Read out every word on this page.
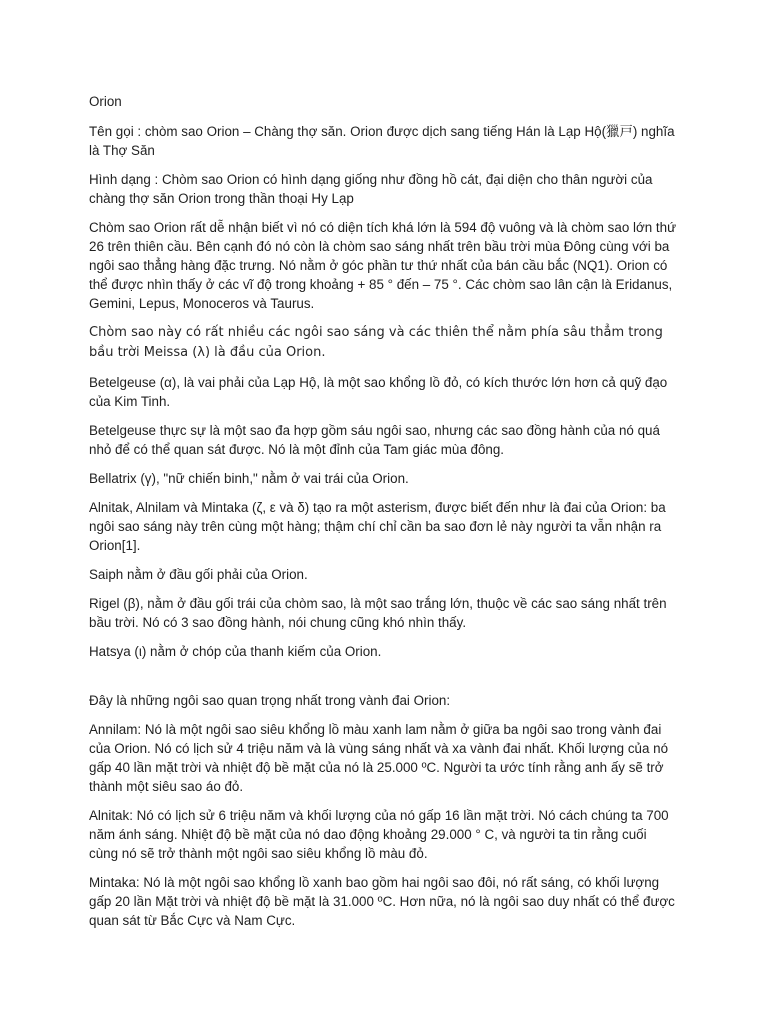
Orion

Tên gọi : chòm sao Orion – Chàng thợ săn. Orion được dịch sang tiếng Hán là Lạp Hộ(獵戸) nghĩa là Thợ Săn

Hình dạng : Chòm sao Orion có hình dạng giống như đồng hồ cát, đại diện cho thân người của chàng thợ săn Orion trong thần thoại Hy Lạp

Chòm sao Orion rất dễ nhận biết vì nó có diện tích khá lớn là 594 độ vuông và là chòm sao lớn thứ 26 trên thiên cầu. Bên cạnh đó nó còn là chòm sao sáng nhất trên bầu trời mùa Đông cùng với ba ngôi sao thẳng hàng đặc trưng. Nó nằm ở góc phần tư thứ nhất của bán cầu bắc (NQ1). Orion có thể được nhìn thấy ở các vĩ độ trong khoảng + 85 ° đến – 75 °. Các chòm sao lân cận là Eridanus, Gemini, Lepus, Monoceros và Taurus.

Chòm sao này có rất nhiều các ngôi sao sáng và các thiên thể nằm phía sâu thẳm trong bầu trời Meissa (λ) là đầu của Orion.

Betelgeuse (α), là vai phải của Lạp Hộ, là một sao khổng lồ đỏ, có kích thước lớn hơn cả quỹ đạo của Kim Tinh.

Betelgeuse thực sự là một sao đa hợp gồm sáu ngôi sao, nhưng các sao đồng hành của nó quá nhỏ để có thể quan sát được. Nó là một đỉnh của Tam giác mùa đông.

Bellatrix (γ), "nữ chiến binh," nằm ở vai trái của Orion.

Alnitak, Alnilam và Mintaka (ζ, ε và δ) tạo ra một asterism, được biết đến như là đai của Orion: ba ngôi sao sáng này trên cùng một hàng; thậm chí chỉ cần ba sao đơn lẻ này người ta vẫn nhận ra Orion[1].

Saiph nằm ở đầu gối phải của Orion.

Rigel (β), nằm ở đầu gối trái của chòm sao, là một sao trắng lớn, thuộc về các sao sáng nhất trên bầu trời. Nó có 3 sao đồng hành, nói chung cũng khó nhìn thấy.

Hatsya (ι) nằm ở chóp của thanh kiếm của Orion.

Đây là những ngôi sao quan trọng nhất trong vành đai Orion:

Annilam: Nó là một ngôi sao siêu khổng lồ màu xanh lam nằm ở giữa ba ngôi sao trong vành đai của Orion. Nó có lịch sử 4 triệu năm và là vùng sáng nhất và xa vành đai nhất. Khối lượng của nó gấp 40 lần mặt trời và nhiệt độ bề mặt của nó là 25.000 ºC. Người ta ước tính rằng anh ấy sẽ trở thành một siêu sao áo đỏ.

Alnitak: Nó có lịch sử 6 triệu năm và khối lượng của nó gấp 16 lần mặt trời. Nó cách chúng ta 700 năm ánh sáng. Nhiệt độ bề mặt của nó dao động khoảng 29.000 ° C, và người ta tin rằng cuối cùng nó sẽ trở thành một ngôi sao siêu khổng lồ màu đỏ.

Mintaka: Nó là một ngôi sao khổng lồ xanh bao gồm hai ngôi sao đôi, nó rất sáng, có khối lượng gấp 20 lần Mặt trời và nhiệt độ bề mặt là 31.000 ºC. Hơn nữa, nó là ngôi sao duy nhất có thể được quan sát từ Bắc Cực và Nam Cực.
